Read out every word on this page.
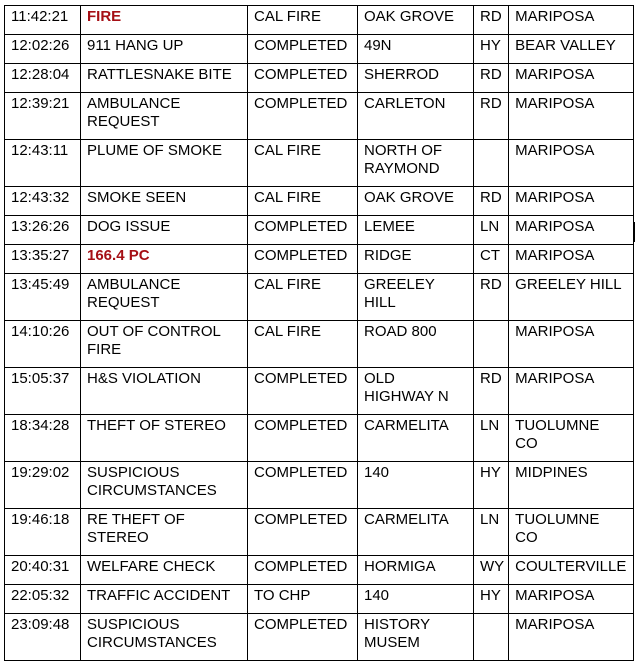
11:42:21	FIRE	CAL FIRE	OAK GROVE	RD	MARIPOSA
12:02:26	911 HANG UP	COMPLETED	49N	HY	BEAR VALLEY
12:28:04	RATTLESNAKE BITE	COMPLETED	SHERROD	RD	MARIPOSA
12:39:21	AMBULANCE
REQUEST	COMPLETED	CARLETON	RD	MARIPOSA
12:43:11	PLUME OF SMOKE	CAL FIRE	NORTH OF
RAYMOND		MARIPOSA
12:43:32	SMOKE SEEN	CAL FIRE	OAK GROVE	RD	MARIPOSA
13:26:26	DOG ISSUE	COMPLETED	LEMEE	LN	MARIPOSA
13:35:27	166.4 PC	COMPLETED	RIDGE	CT	MARIPOSA
13:45:49	AMBULANCE
REQUEST	CAL FIRE	GREELEY
HILL	RD	GREELEY HILL
14:10:26	OUT OF CONTROL
FIRE	CAL FIRE	ROAD 800		MARIPOSA
15:05:37	H&S VIOLATION	COMPLETED	OLD
HIGHWAY N	RD	MARIPOSA
18:34:28	THEFT OF STEREO	COMPLETED	CARMELITA	LN	TUOLUMNE
CO
19:29:02	SUSPICIOUS
CIRCUMSTANCES	COMPLETED	140	HY	MIDPINES
19:46:18	RE THEFT OF
STEREO	COMPLETED	CARMELITA	LN	TUOLUMNE
CO
20:40:31	WELFARE CHECK	COMPLETED	HORMIGA	WY	COULTERVILLE
22:05:32	TRAFFIC ACCIDENT	TO CHP	140	HY	MARIPOSA
23:09:48	SUSPICIOUS
CIRCUMSTANCES	COMPLETED	HISTORY
MUSEM		MARIPOSA
